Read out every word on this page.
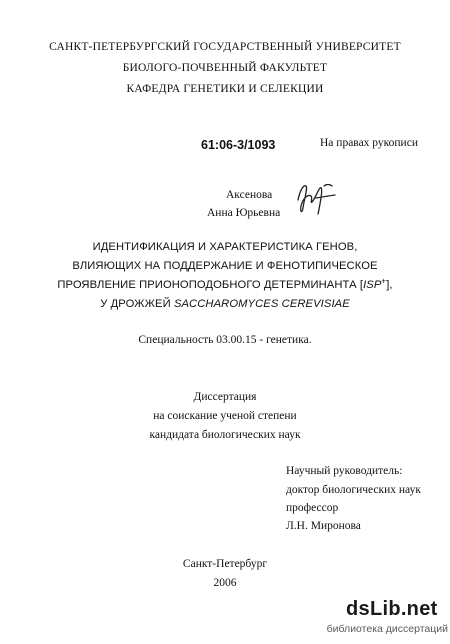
САНКТ-ПЕТЕРБУРГСКИЙ ГОСУДАРСТВЕННЫЙ УНИВЕРСИТЕТ
БИОЛОГО-ПОЧВЕННЫЙ ФАКУЛЬТЕТ
КАФЕДРА ГЕНЕТИКИ И СЕЛЕКЦИИ
61:06-3/1093	На правах рукописи
Аксенова
Анна Юрьевна
ИДЕНТИФИКАЦИЯ И ХАРАКТЕРИСТИКА ГЕНОВ,
ВЛИЯЮЩИХ НА ПОДДЕРЖАНИЕ И ФЕНОТИПИЧЕСКОЕ
ПРОЯВЛЕНИЕ ПРИОНОПОДОБНОГО ДЕТЕРМИНАНТА [ISP+],
У ДРОЖЖЕЙ SACCHAROMYCES CEREVISIAE
Специальность 03.00.15 - генетика.
Диссертация
на соискание ученой степени
кандидата биологических наук
Научный руководитель:
доктор биологических наук
профессор
Л.Н. Миронова
Санкт-Петербург
2006
dsLib.net
библиотека диссертаций
